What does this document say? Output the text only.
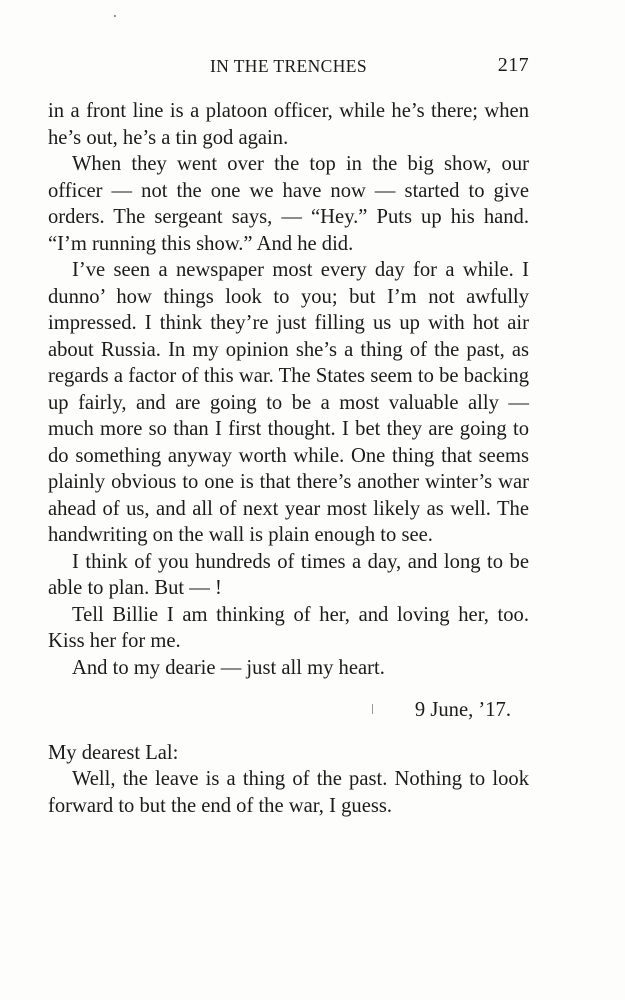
IN THE TRENCHES	217

in a front line is a platoon officer, while he’s there; when he’s out, he’s a tin god again.

When they went over the top in the big show, our officer — not the one we have now — started to give orders. The sergeant says, — “Hey.” Puts up his hand. “I’m running this show.” And he did.

I’ve seen a newspaper most every day for a while. I dunno’ how things look to you; but I’m not awfully impressed. I think they’re just filling us up with hot air about Russia. In my opinion she’s a thing of the past, as regards a factor of this war. The States seem to be backing up fairly, and are going to be a most valuable ally — much more so than I first thought. I bet they are going to do something anyway worth while. One thing that seems plainly obvious to one is that there’s another winter’s war ahead of us, and all of next year most likely as well. The handwriting on the wall is plain enough to see.

I think of you hundreds of times a day, and long to be able to plan. But — !

Tell Billie I am thinking of her, and loving her, too. Kiss her for me.

And to my dearie — just all my heart.

9 June, ’17.

My dearest Lal:

Well, the leave is a thing of the past. Nothing to look forward to but the end of the war, I guess.
